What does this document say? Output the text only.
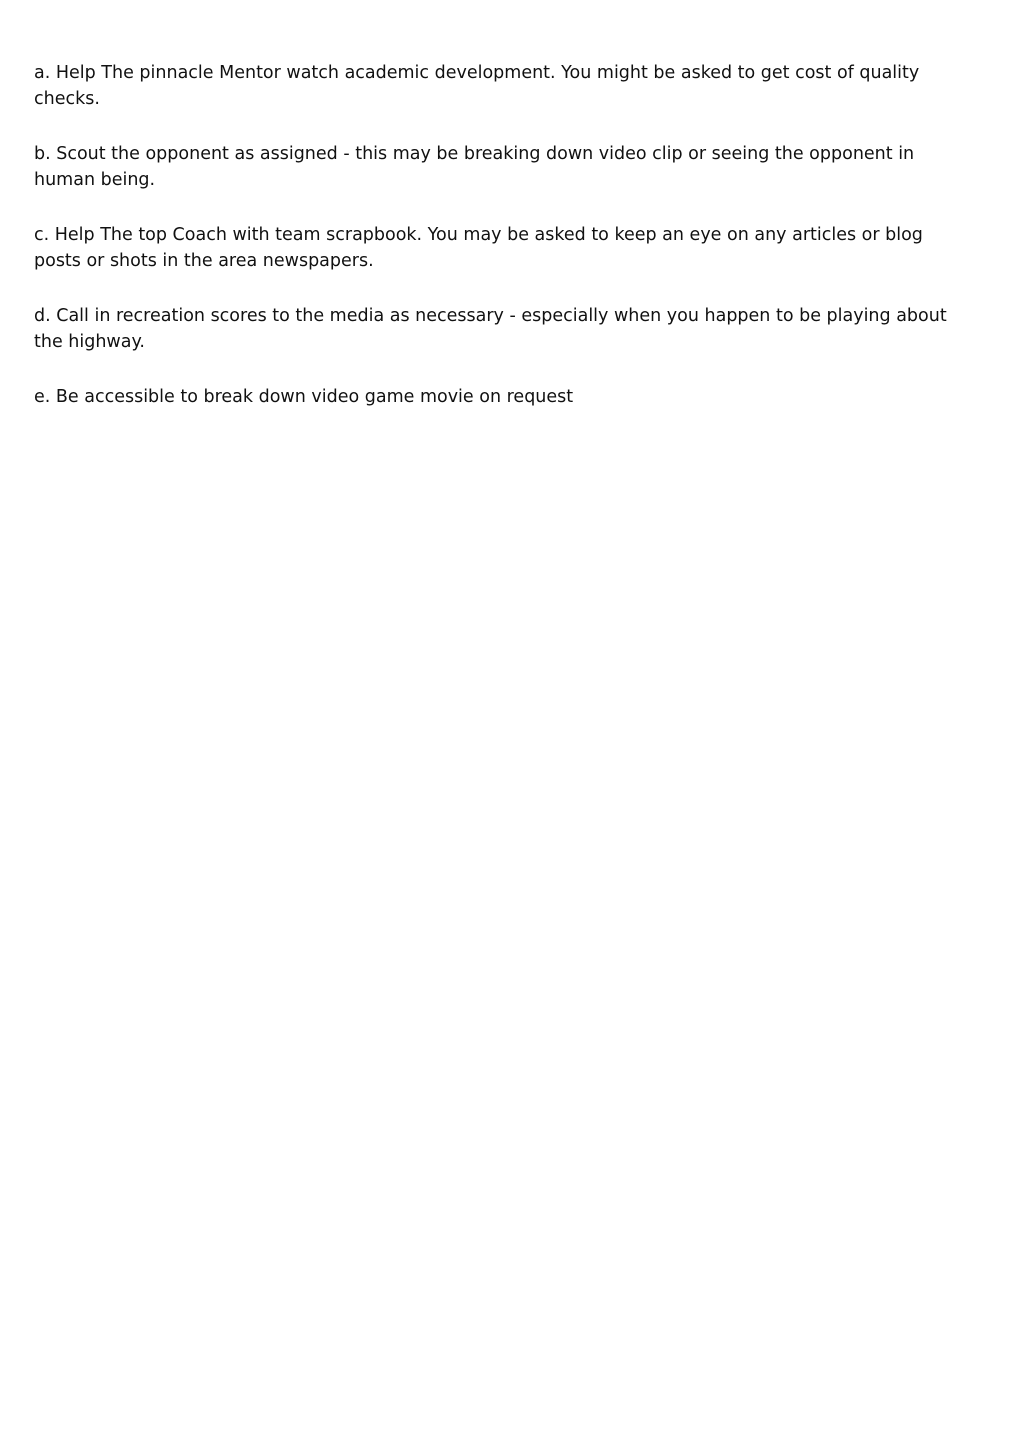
a. Help The pinnacle Mentor watch academic development. You might be asked to get cost of quality checks.

b. Scout the opponent as assigned - this may be breaking down video clip or seeing the opponent in human being.

c. Help The top Coach with team scrapbook. You may be asked to keep an eye on any articles or blog posts or shots in the area newspapers.

d. Call in recreation scores to the media as necessary - especially when you happen to be playing about the highway.

e. Be accessible to break down video game movie on request
